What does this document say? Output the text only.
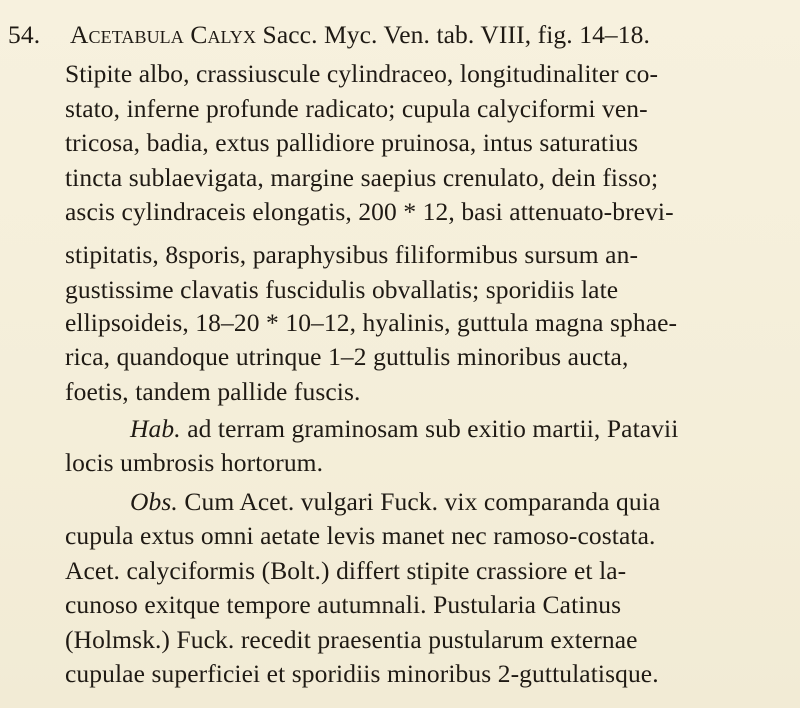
54. Acetabula Calyx Sacc. Myc. Ven. tab. VIII, fig. 14–18.
Stipite albo, crassiuscule cylindraceo, longitudinaliter co-
stato, inferne profunde radicato; cupula calyciformi ven-
tricosa, badia, extus pallidiore pruinosa, intus saturatius
tincta sublaevigata, margine saepius crenulato, dein fisso;
ascis cylindraceis elongatis, 200 * 12, basi attenuato-brevi-
stipitatis, 8sporis, paraphysibus filiformibus sursum an-
gustissime clavatis fuscidulis obvallatis; sporidiis late
ellipsoideis, 18–20 * 10–12, hyalinis, guttula magna sphae-
rica, quandoque utrinque 1–2 guttulis minoribus aucta,
foetis, tandem pallide fuscis.
Hab. ad terram graminosam sub exitio martii, Patavii
locis umbrosis hortorum.
Obs. Cum Acet. vulgari Fuck. vix comparanda quia
cupula extus omni aetate levis manet nec ramoso-costata.
Acet. calyciformis (Bolt.) differt stipite crassiore et la-
cunoso exitque tempore autumnali. Pustularia Catinus
(Holmsk.) Fuck. recedit praesentia pustularum externae
cupulae superficiei et sporidiis minoribus 2-guttulatisque.
